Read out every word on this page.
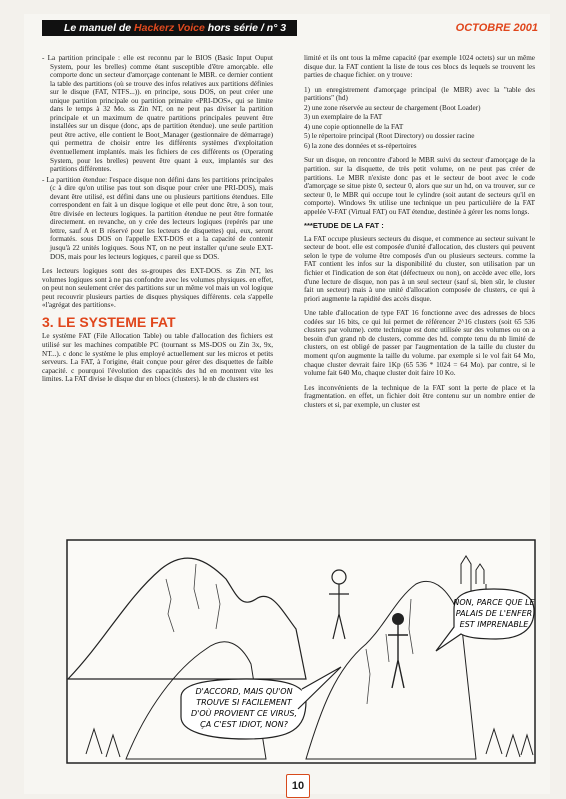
Le manuel de Hackerz Voice hors série / n° 3	OCTOBRE 2001
- La partition principale : elle est reconnu par le BIOS (Basic Input Ouput System, pour les brelles) comme étant susceptible d'être amorçable. elle comporte donc un secteur d'amorçage contenant le MBR. ce dernier contient la table des partitions (où se trouve des infos relatives aux partitions définies sur le disque (FAT, NTFS...)). en principe, sous DOS, on peut créer une unique partition principale ou partition primaire «PRI-DOS», qui se limite dans le temps à 32 Mo. ss Zin NT, on ne peut pas diviser la partition principale et un maximum de quatre partitions principales peuvent être installées sur un disque (donc, aps de partition étendue). une seule partition peut être active, elle contient le Boot_Manager (gestionnaire de démarrage) qui permettra de choisir entre les différents systèmes d'exploitation éventuellement implantés. mais les fichiers de ces différents os (Operating System, pour les brelles) peuvent être quant à eux, implantés sur des partitions différentes.
- La partition étendue: l'espace disque non défini dans les partitions principales (c à dire qu'on utilise pas tout son disque pour créer une PRI-DOS), mais devant être utilisé, est défini dans une ou plusieurs partitions étendues. Elle correspondent en fait à un disque logique et elle peut donc être, à son tour, être divisée en lecteurs logiques. la partition étendue ne peut être formatée directement. en revanche, on y crée des lecteurs logiques (repérés par une lettre, sauf A et B réservé pour les lecteurs de disquettes) qui, eux, seront formatés. sous DOS on l'appelle EXT-DOS et a la capacité de contenir jusqu'à 22 unités logiques. Sous NT, on ne peut installer qu'une seule EXT-DOS, mais pour les lecteurs logiques, c pareil que ss DOS.

Les lecteurs logiques sont des ss-groupes des EXT-DOS. ss Zin NT, les volumes logiques sont à ne pas confondre avec les volumes physiques. en effet, on peut non seulement créer des partitions sur un même vol mais un vol logique peut recouvrir plusieurs parties de disques physiques différents. cela s'appelle «l'agrégat des partitions».

3. LE SYSTEME FAT

Le système FAT (File Allocation Table) ou table d'allocation des fichiers est utilisé sur les machines compatible PC (tournant ss MS-DOS ou Zin 3x, 9x, NT...). c donc le système le plus employé actuellement sur les micros et petits serveurs. La FAT, à l'origine, était conçue pour gérer des disquettes de faible capacité. c pourquoi l'évolution des capacités des hd en montrent vite les limites. La FAT divise le disque dur en blocs (clusters). le nb de clusters est

limité et ils ont tous la même capacité (par exemple 1024 octets) sur un même disque dur. la FAT contient la liste de tous ces blocs ds lequels se trouvent les parties de chaque fichier. on y trouve:

1) un enregistrement d'amorçage principal (le MBR) avec la "table des partitions" (hd)
2) une zone réservée au secteur de chargement (Boot Loader)
3) un exemplaire de la FAT
4) une copie optionnelle de la FAT
5) le répertoire principal (Root Directory) ou dossier racine
6) la zone des données et ss-répertoires

Sur un disque, on rencontre d'abord le MBR suivi du secteur d'amorçage de la partition. sur la disquette, de très petit volume, on ne peut pas créer de partitions. Le MBR n'existe donc pas et le secteur de boot avec le code d'amorçage se situe piste 0, secteur 0, alors que sur un hd, on va trouver, sur ce secteur 0, le MBR qui occupe tout le cylindre (soit autant de secteurs qu'il en comporte). Windows 9x utilise une technique un peu particulière de la FAT appelée V-FAT (Virtual FAT) ou FAT étendue, destinée à gérer les noms longs.

***ETUDE DE LA FAT :

La FAT occupe plusieurs secteurs du disque, et commence au secteur suivant le secteur de boot. elle est composée d'unité d'allocation, des clusters qui peuvent selon le type de volume être composés d'un ou plusieurs secteurs. comme la FAT contient les infos sur la disponibilité du cluster, son utilisation par un fichier et l'indication de son état (défectueux ou non), on accède avec elle, lors d'une lecture de disque, non pas à un seul secteur (sauf si, bien sûr, le cluster fait un secteur) mais à une unité d'allocation composée de clusters, ce qui à priori augmente la rapidité des accès disque.

Une table d'allocation de type FAT 16 fonctionne avec des adresses de blocs codées sur 16 bits, ce qui lui permet de référencer 2^16 clusters (soit 65 536 clusters par volume). cette technique est donc utilisée sur des volumes ou on a besoin d'un grand nb de clusters, comme des hd. compte tenu du nb limité de clusters, on est obligé de passer par l'augmentation de la taille du cluster du moment qu'on augmente la taille du volume. par exemple si le vol fait 64 Mo, chaque cluster devrait faire 1Kp (65 536 * 1024 = 64 Mo). par contre, si le volume fait 640 Mo, chaque cluster doit faire 10 Ko.

Les inconvénients de la technique de la FAT sont la perte de place et la fragmentation. en effet, un fichier doit être contenu sur un nombre entier de clusters et si, par exemple, un cluster est

NON, PARCE QUE LE
PALAIS DE L'ENFER
EST IMPRENABLE
D'ACCORD, MAIS QU'ON
TROUVE SI FACILEMENT
D'OÙ PROVIENT CE VIRUS,
ÇA C'EST IDIOT, NON?
10
